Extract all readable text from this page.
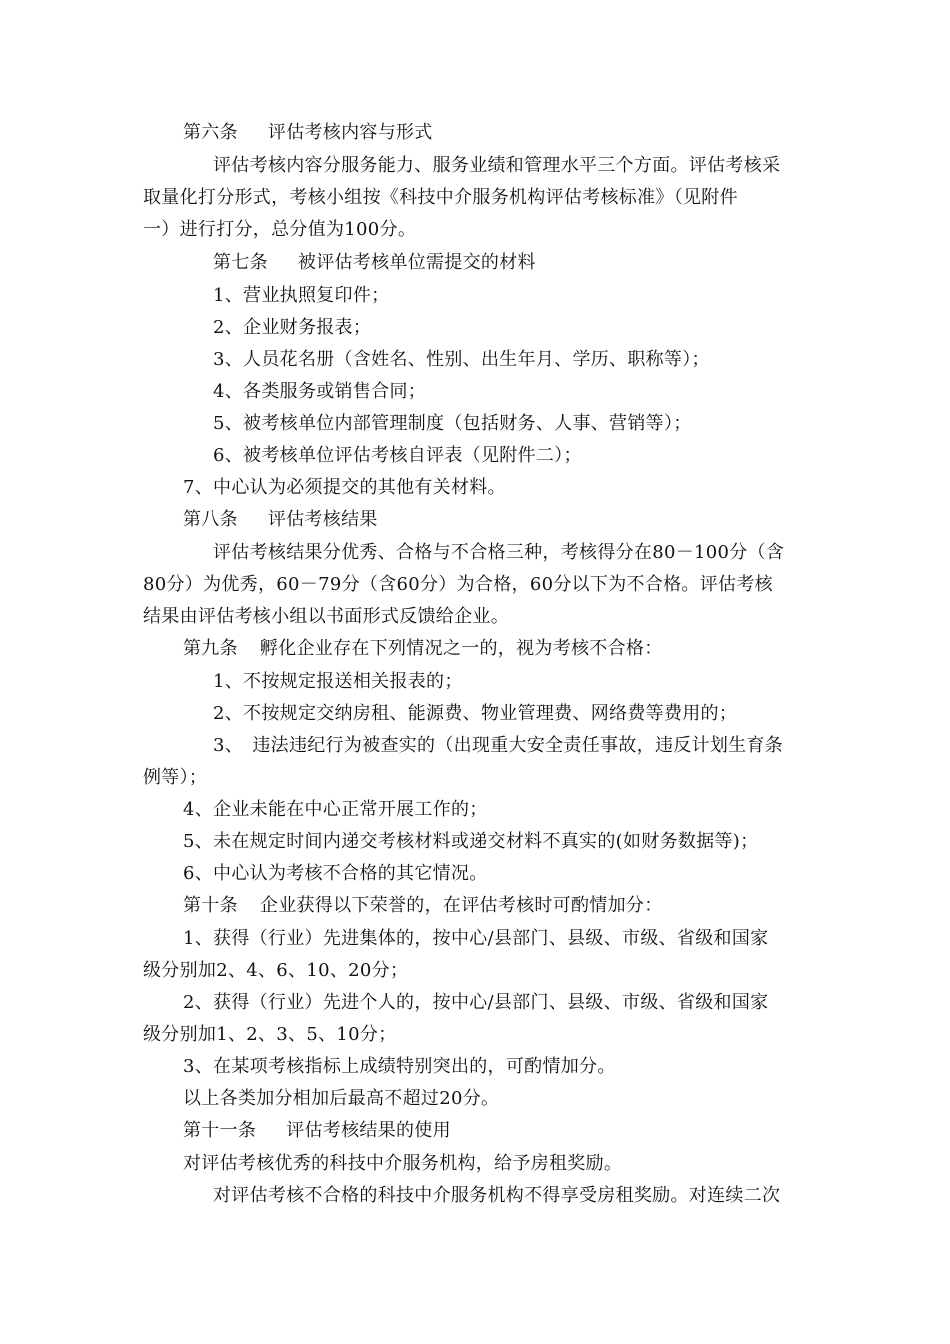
第六条 评估考核内容与形式
评估考核内容分服务能力、服务业绩和管理水平三个方面。评估考核采
取量化打分形式，考核小组按《科技中介服务机构评估考核标准》（见附件
一）进行打分，总分值为100分。
第七条 被评估考核单位需提交的材料
1、营业执照复印件；
2、企业财务报表；
3、人员花名册（含姓名、性别、出生年月、学历、职称等）；
4、各类服务或销售合同；
5、被考核单位内部管理制度（包括财务、人事、营销等）；
6、被考核单位评估考核自评表（见附件二）；
7、中心认为必须提交的其他有关材料。
第八条 评估考核结果
评估考核结果分优秀、合格与不合格三种，考核得分在80－100分（含
80分）为优秀，60－79分（含60分）为合格，60分以下为不合格。评估考核
结果由评估考核小组以书面形式反馈给企业。
第九条 孵化企业存在下列情况之一的，视为考核不合格：
1、不按规定报送相关报表的；
2、不按规定交纳房租、能源费、物业管理费、网络费等费用的；
3、　违法违纪行为被查实的（出现重大安全责任事故，违反计划生育条
例等）；
4、企业未能在中心正常开展工作的；
5、未在规定时间内递交考核材料或递交材料不真实的(如财务数据等)；
6、中心认为考核不合格的其它情况。
第十条 企业获得以下荣誉的，在评估考核时可酌情加分：
1、获得（行业）先进集体的，按中心/县部门、县级、市级、省级和国家
级分别加2、4、6、10、20分；
2、获得（行业）先进个人的，按中心/县部门、县级、市级、省级和国家
级分别加1、2、3、5、10分；
3、在某项考核指标上成绩特别突出的，可酌情加分。
以上各类加分相加后最高不超过20分。
第十一条 评估考核结果的使用
对评估考核优秀的科技中介服务机构，给予房租奖励。
对评估考核不合格的科技中介服务机构不得享受房租奖励。对连续二次
